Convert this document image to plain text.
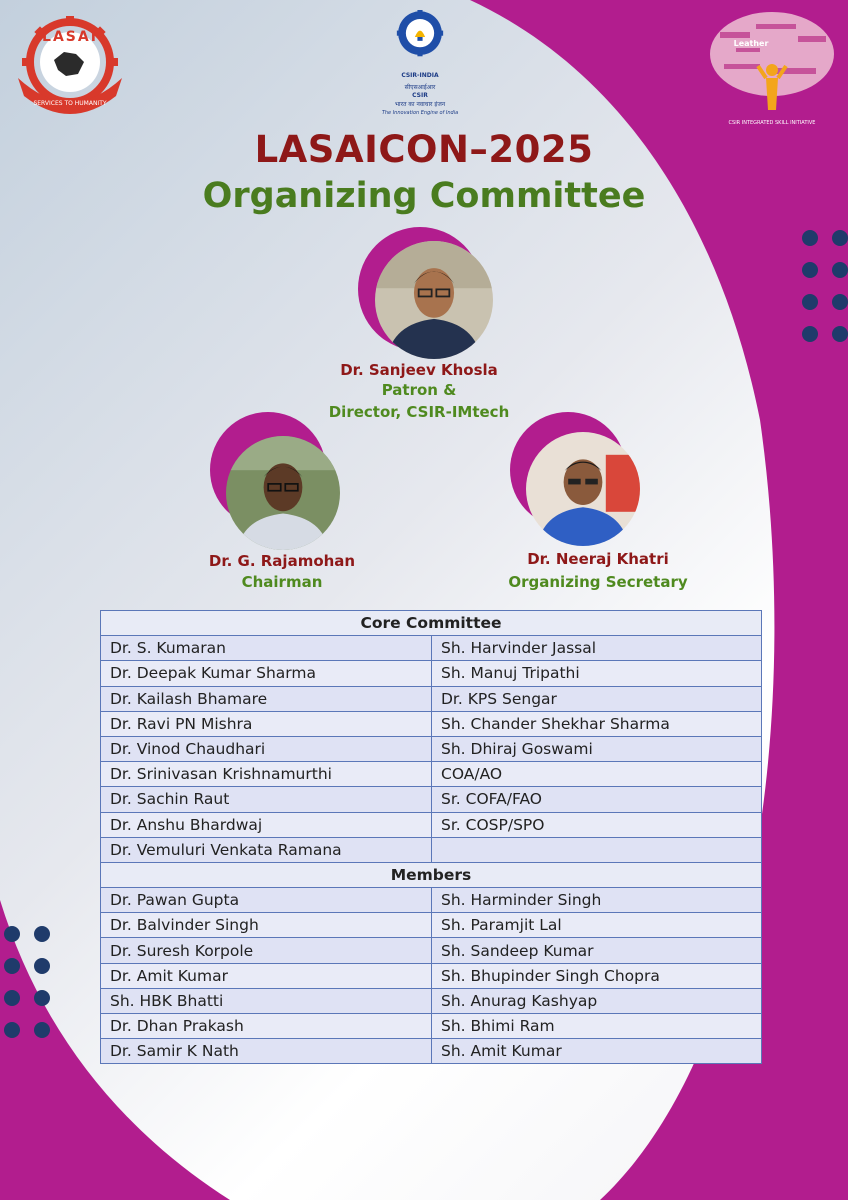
LASAI
SERVICES TO HUMANITY
CSIR-INDIA
सीएसआईआर
CSIR
भारत का नवाचार इंजन
The Innovation Engine of India
Leather
CSIR INTEGRATED SKILL INITIATIVE
LASAICON–2025
Organizing Committee
Dr. Sanjeev Khosla
Patron &
Director, CSIR-IMtech
Dr. G. Rajamohan
Chairman
Dr. Neeraj Khatri
Organizing Secretary
Core Committee	
Dr. S. Kumaran	Sh. Harvinder Jassal
Dr. Deepak Kumar Sharma	Sh. Manuj Tripathi
Dr. Kailash Bhamare	Dr. KPS Sengar
Dr. Ravi PN Mishra	Sh. Chander Shekhar Sharma
Dr. Vinod Chaudhari	Sh. Dhiraj Goswami
Dr. Srinivasan Krishnamurthi	COA/AO
Dr. Sachin Raut	Sr. COFA/FAO
Dr. Anshu Bhardwaj	Sr. COSP/SPO
Dr. Vemuluri Venkata Ramana	
Members	
Dr. Pawan Gupta	Sh. Harminder Singh
Dr. Balvinder Singh	Sh. Paramjit Lal
Dr. Suresh Korpole	Sh. Sandeep Kumar
Dr. Amit Kumar	Sh. Bhupinder Singh Chopra
Sh. HBK Bhatti	Sh. Anurag Kashyap
Dr. Dhan Prakash	Sh. Bhimi Ram
Dr. Samir K Nath	Sh. Amit Kumar
